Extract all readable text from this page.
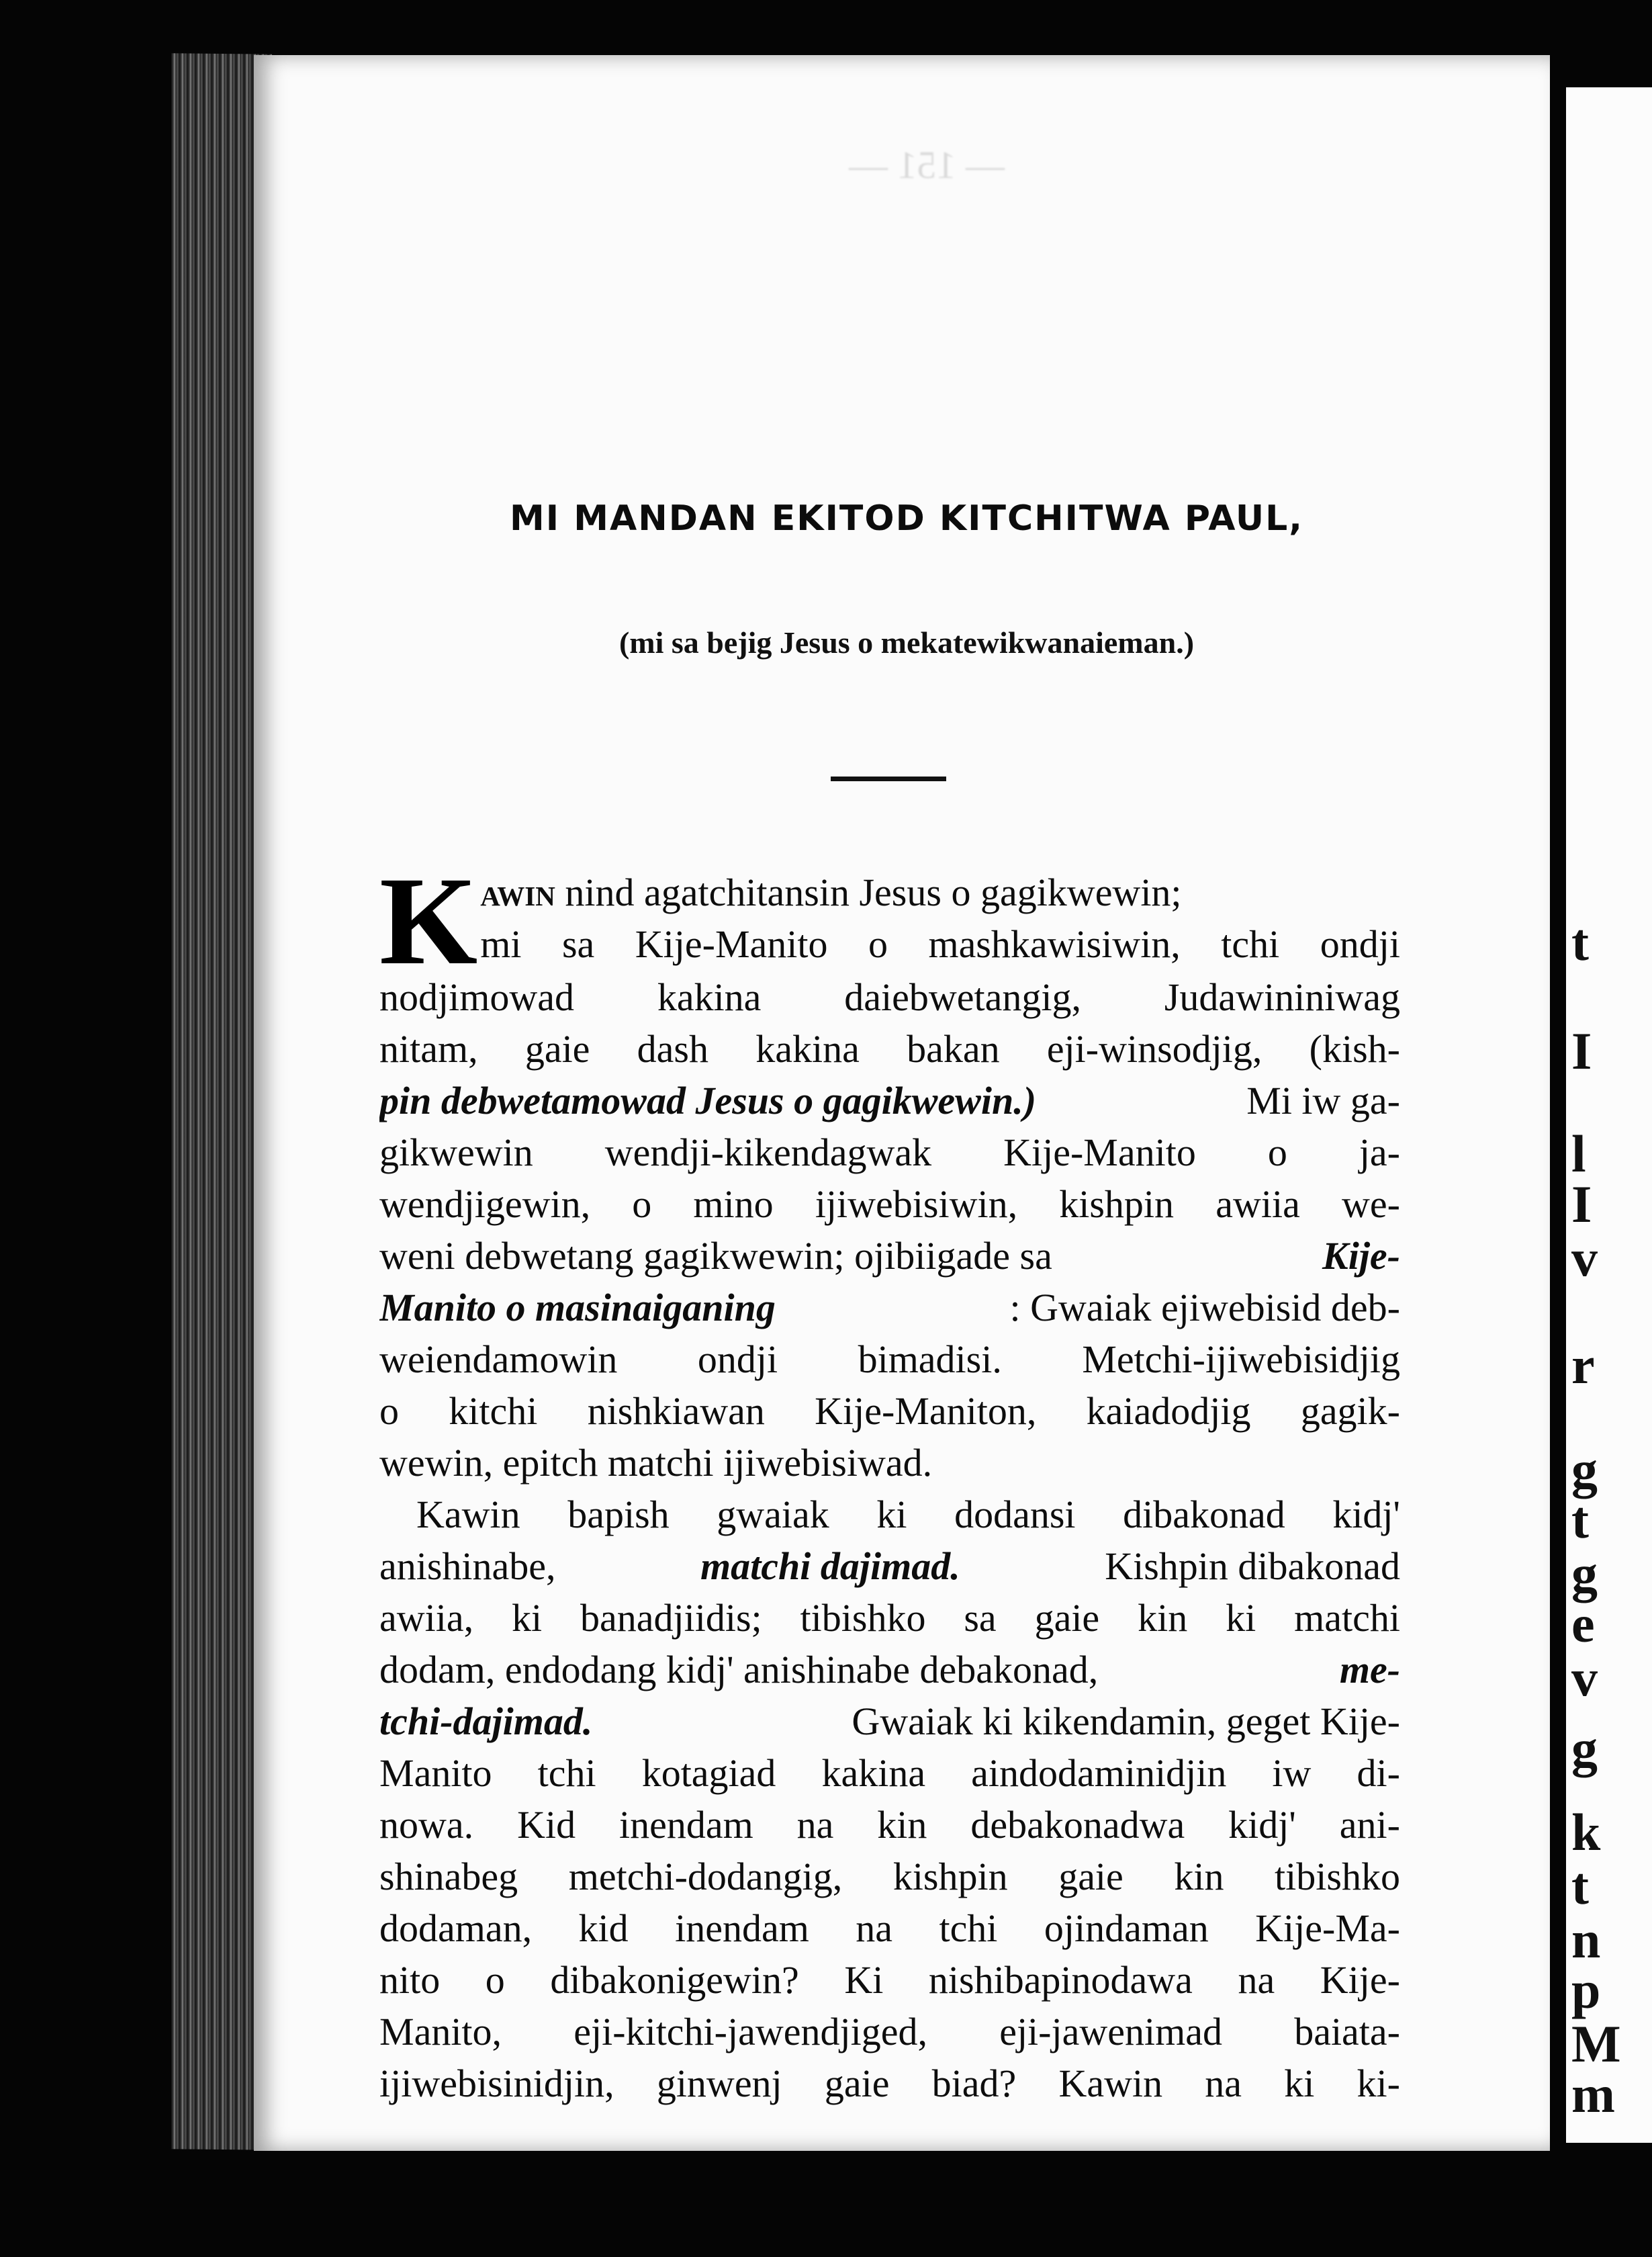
— 151 —
t
I
l
I
v
r
g
t
g
e
v
g
k
t
n
p
M
m
MI MANDAN EKITOD KITCHITWA PAUL,
(mi sa bejig Jesus o mekatewikwanaieman.)
K awin nind agatchitansin Jesus o gagikwewin;
mi sa Kije-Manito o mashkawisiwin, tchi ondji
nodjimowad kakina daiebwetangig, Judawininiwag
nitam, gaie dash kakina bakan eji-winsodjig, (kish-
pin debwetamowad Jesus o gagikwewin.)	Mi iw ga-
gikwewin wendji-kikendagwak Kije-Manito o ja-
wendjigewin, o mino ijiwebisiwin, kishpin awiia we-
weni debwetang gagikwewin; ojibiigade sa	Kije-
Manito o masinaiganing	: Gwaiak ejiwebisid deb-
weiendamowin ondji bimadisi. Metchi-ijiwebisidjig
o kitchi nishkiawan Kije-Maniton, kaiadodjig gagik-
wewin, epitch matchi ijiwebisiwad.
Kawin bapish gwaiak ki dodansi dibakonad kidj'
anishinabe,	matchi dajimad.	Kishpin dibakonad
awiia, ki banadjiidis; tibishko sa gaie kin ki matchi
dodam, endodang kidj' anishinabe debakonad,	me-
tchi-dajimad.	Gwaiak ki kikendamin, geget Kije-
Manito tchi kotagiad kakina aindodaminidjin iw di-
nowa. Kid inendam na kin debakonadwa kidj' ani-
shinabeg metchi-dodangig, kishpin gaie kin tibishko
dodaman, kid inendam na tchi ojindaman Kije-Ma-
nito o dibakonigewin? Ki nishibapinodawa na Kije-
Manito, eji-kitchi-jawendjiged, eji-jawenimad baiata-
ijiwebisinidjin, ginwenj gaie biad? Kawin na ki ki-
